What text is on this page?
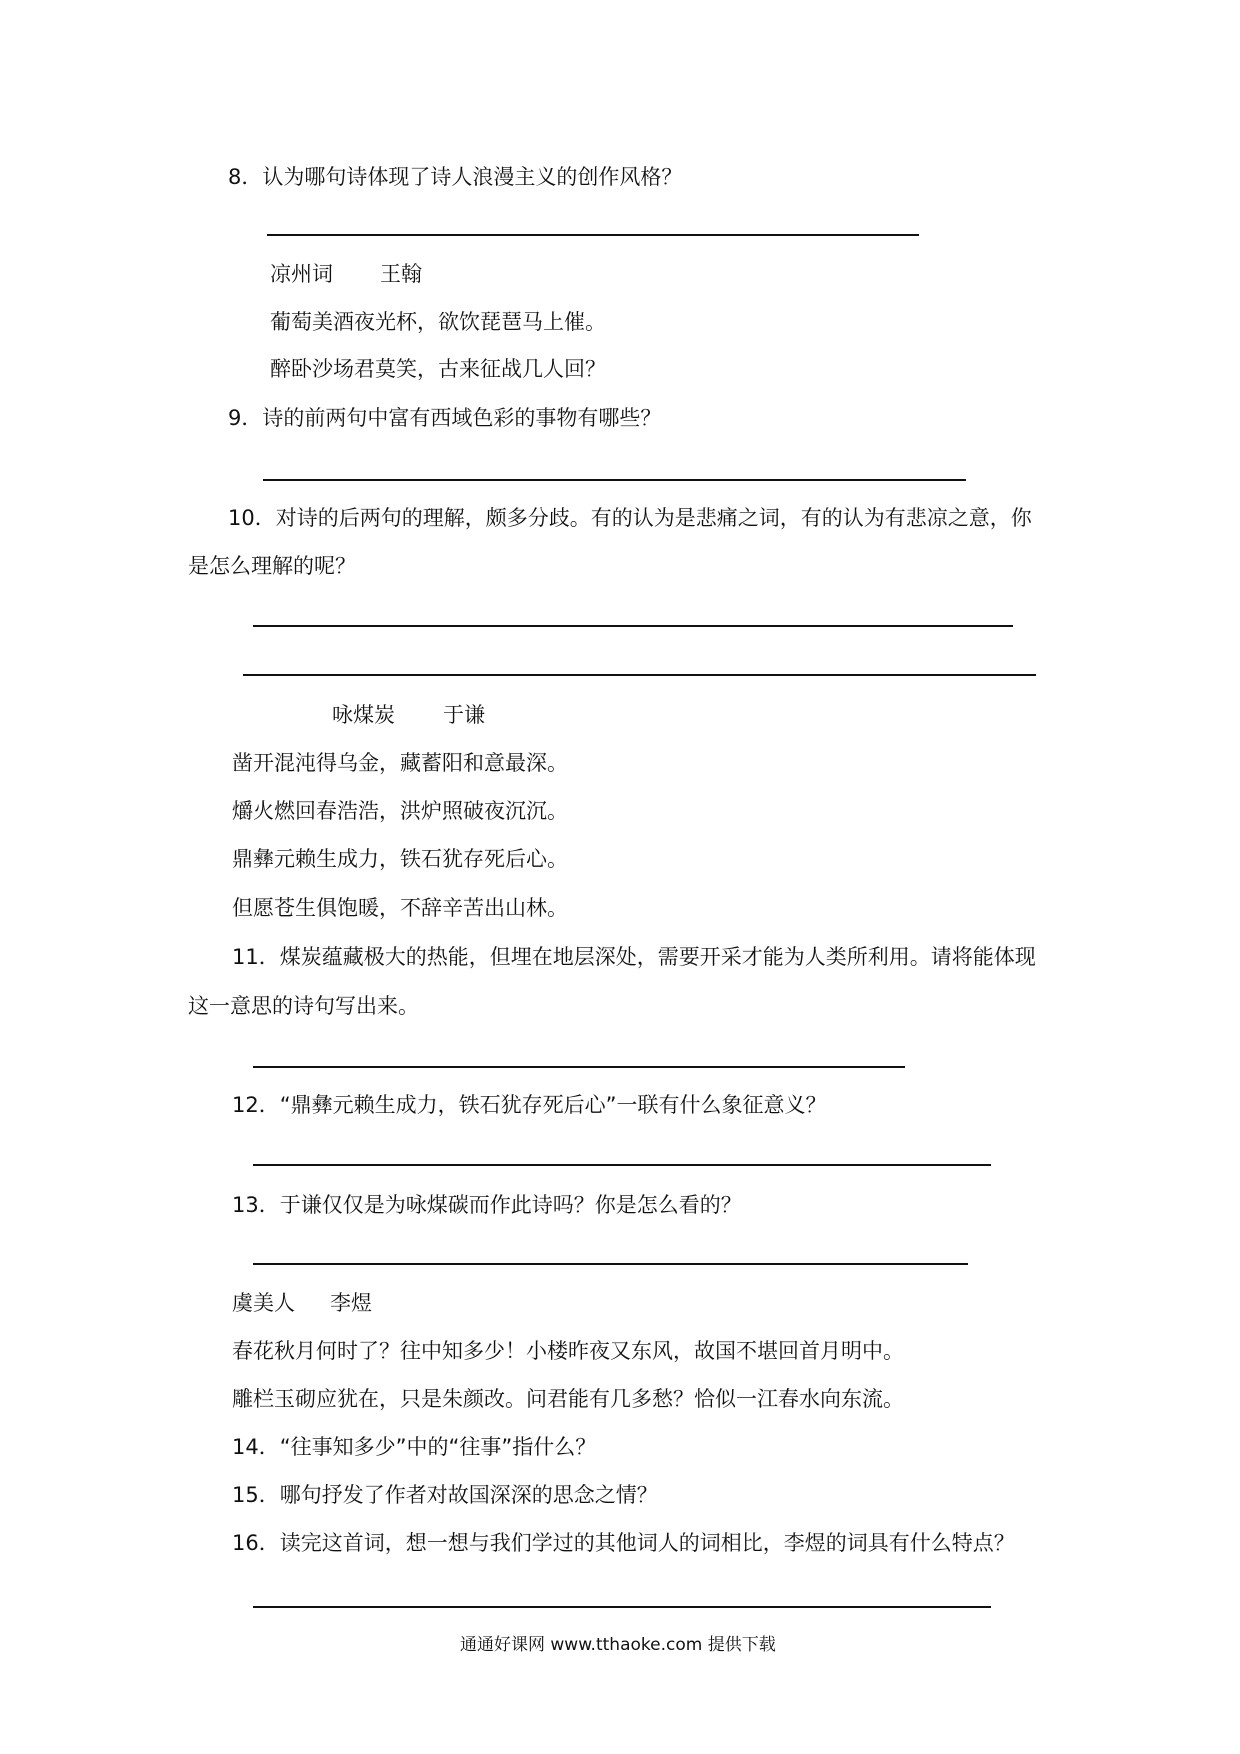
8．认为哪句诗体现了诗人浪漫主义的创作风格？
凉州词 王翰
葡萄美酒夜光杯，欲饮琵琶马上催。
醉卧沙场君莫笑，古来征战几人回？
9．诗的前两句中富有西域色彩的事物有哪些？
10．对诗的后两句的理解，颇多分歧。有的认为是悲痛之词，有的认为有悲凉之意，你
是怎么理解的呢？
咏煤炭 于谦
凿开混沌得乌金，藏蓄阳和意最深。
爝火燃回春浩浩，洪炉照破夜沉沉。
鼎彝元赖生成力，铁石犹存死后心。
但愿苍生俱饱暖，不辞辛苦出山林。
11．煤炭蕴藏极大的热能，但埋在地层深处，需要开采才能为人类所利用。请将能体现
这一意思的诗句写出来。
12．“鼎彝元赖生成力，铁石犹存死后心”一联有什么象征意义？
13．于谦仅仅是为咏煤碳而作此诗吗？你是怎么看的？
虞美人 李煜
春花秋月何时了？往中知多少！小楼昨夜又东风，故国不堪回首月明中。
雕栏玉砌应犹在，只是朱颜改。问君能有几多愁？恰似一江春水向东流。
14．“往事知多少”中的“往事”指什么？
15．哪句抒发了作者对故国深深的思念之情？
16．读完这首词，想一想与我们学过的其他词人的词相比，李煜的词具有什么特点？
通通好课网 www.tthaoke.com 提供下载
